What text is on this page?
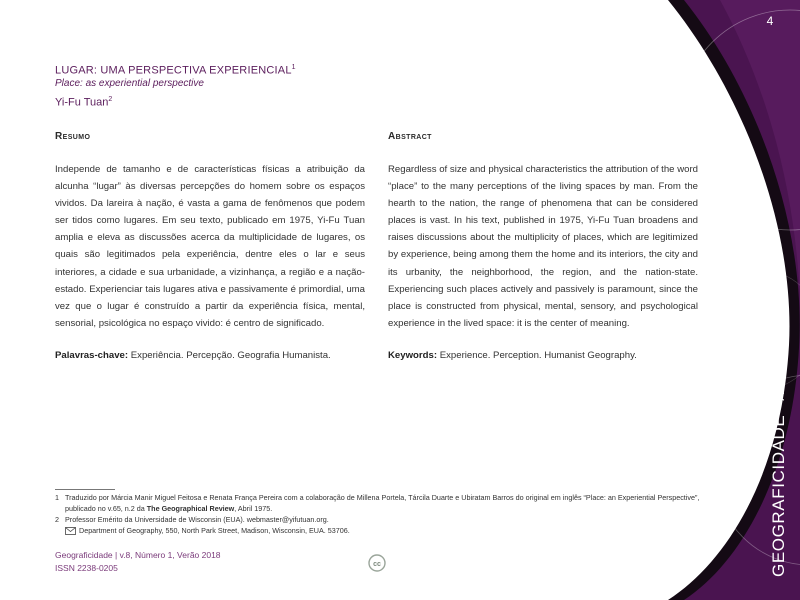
4
LUGAR: UMA PERSPECTIVA EXPERIENCIAL$^1$
Place: as experiential perspective
Yi-Fu Tuan$^2$
Resumo
Independe de tamanho e de características físicas a atribuição da alcunha “lugar” às diversas percepções do homem sobre os espaços vividos. Da lareira à nação, é vasta a gama de fenômenos que podem ser tidos como lugares. Em seu texto, publicado em 1975, Yi-Fu Tuan amplia e eleva as discussões acerca da multiplicidade de lugares, os quais são legitimados pela experiência, dentre eles o lar e seus interiores, a cidade e sua urbanidade, a vizinhança, a região e a nação-estado. Experienciar tais lugares ativa e passivamente é primordial, uma vez que o lugar é construído a partir da experiência física, mental, sensorial, psicológica no espaço vivido: é centro de significado.
Palavras-chave: Experiência. Percepção. Geografia Humanista.
Abstract
Regardless of size and physical characteristics the attribution of the word “place” to the many perceptions of the living spaces by man. From the hearth to the nation, the range of phenomena that can be considered places is vast. In his text, published in 1975, Yi-Fu Tuan broadens and raises discussions about the multiplicity of places, which are legitimized by experience, being among them the home and its interiors, the city and its urbanity, the neighborhood, the region, and the nation-state. Experiencing such places actively and passively is paramount, since the place is constructed from physical, mental, sensory, and psychological experience in the lived space: it is the center of meaning.
Keywords: Experience. Perception. Humanist Geography.
1 Traduzido por Márcia Manir Miguel Feitosa e Renata França Pereira com a colaboração de Millena Portela, Tárcila Duarte e Ubiratam Barros do original em inglês “Place: an Experiential Perspective”, publicado no v.65, n.2 da The Geographical Review, Abril 1975.
2 Professor Emérito da Universidade de Wisconsin (EUA). webmaster@yifutuan.org.
Department of Geography, 550, North Park Street, Madison, Wisconsin, EUA. 53706.
Geograficidade | v.8, Número 1, Verão 2018
ISSN 2238-0205	cc	GEOGRAFICIDADEArtigos
